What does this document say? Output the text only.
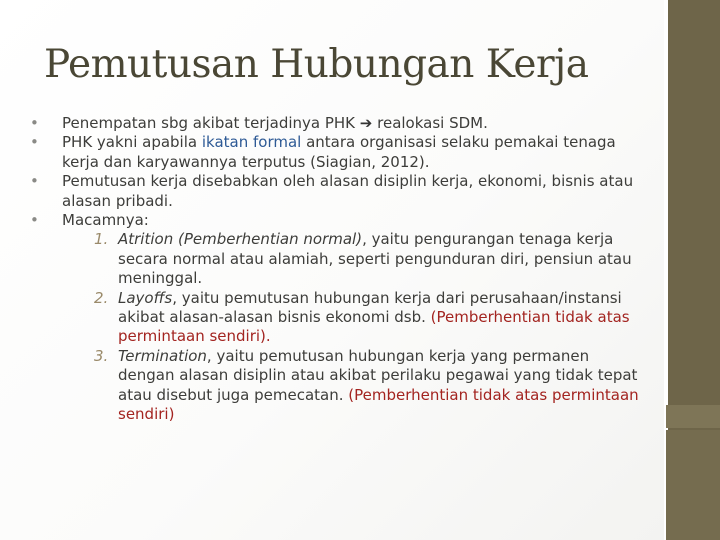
Pemutusan Hubungan Kerja
• Penempatan sbg akibat terjadinya PHK ➔ realokasi SDM.
• PHK yakni apabila ikatan formal antara organisasi selaku pemakai tenaga kerja dan karyawannya terputus (Siagian, 2012).
• Pemutusan kerja disebabkan oleh alasan disiplin kerja, ekonomi, bisnis atau alasan pribadi.
• Macamnya:
1. Atrition (Pemberhentian normal), yaitu pengurangan tenaga kerja secara normal atau alamiah, seperti pengunduran diri, pensiun atau meninggal.
2. Layoffs, yaitu pemutusan hubungan kerja dari perusahaan/instansi akibat alasan-alasan bisnis ekonomi dsb. (Pemberhentian tidak atas permintaan sendiri).
3. Termination, yaitu pemutusan hubungan kerja yang permanen dengan alasan disiplin atau akibat perilaku pegawai yang tidak tepat atau disebut juga pemecatan. (Pemberhentian tidak atas permintaan sendiri)
